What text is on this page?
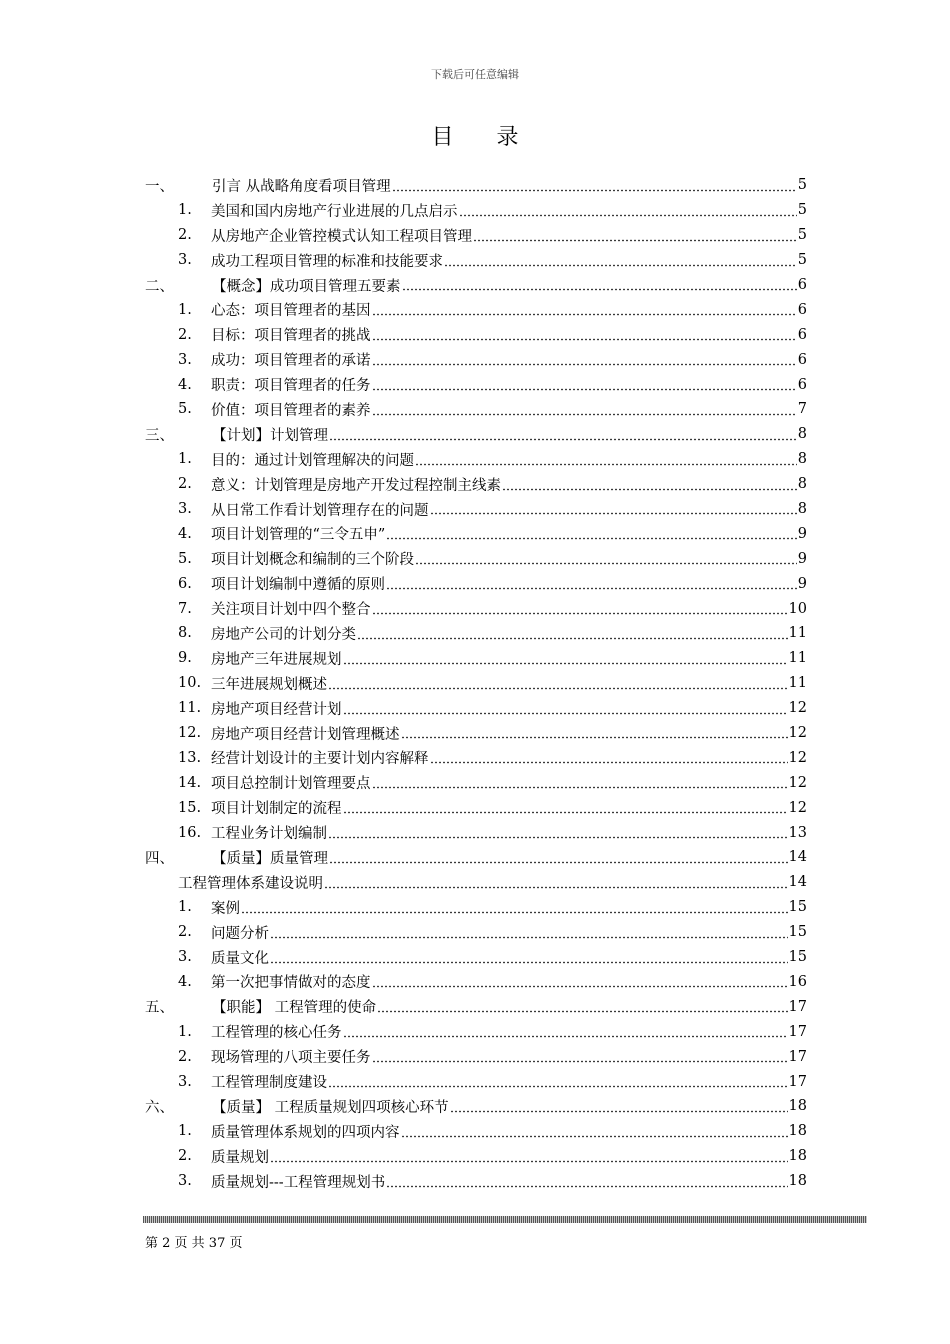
下载后可任意编辑
目 录
一、	引言 从战略角度看项目管理	5
1.	美国和国内房地产行业进展的几点启示	5
2.	从房地产企业管控模式认知工程项目管理	5
3.	成功工程项目管理的标准和技能要求	5
二、	【概念】成功项目管理五要素	6
1.	心态：项目管理者的基因	6
2.	目标：项目管理者的挑战	6
3.	成功：项目管理者的承诺	6
4.	职责：项目管理者的任务	6
5.	价值：项目管理者的素养	7
三、	【计划】计划管理	8
1.	目的：通过计划管理解决的问题	8
2.	意义：计划管理是房地产开发过程控制主线素	8
3.	从日常工作看计划管理存在的问题	8
4.	项目计划管理的“三令五申”	9
5.	项目计划概念和编制的三个阶段	9
6.	项目计划编制中遵循的原则	9
7.	关注项目计划中四个整合	10
8.	房地产公司的计划分类	11
9.	房地产三年进展规划	11
10. 三年进展规划概述	11
11. 房地产项目经营计划	12
12. 房地产项目经营计划管理概述	12
13. 经营计划设计的主要计划内容解释	12
14. 项目总控制计划管理要点	12
15. 项目计划制定的流程	12
16. 工程业务计划编制	13
四、	【质量】质量管理	14
工程管理体系建设说明	14
1.	案例	15
2.	问题分析	15
3.	质量文化	15
4.	第一次把事情做对的态度	16
五、	【职能】 工程管理的使命	17
1.	工程管理的核心任务	17
2.	现场管理的八项主要任务	17
3.	工程管理制度建设	17
六、	【质量】 工程质量规划四项核心环节	18
1.	质量管理体系规划的四项内容	18
2.	质量规划	18
3.	质量规划---工程管理规划书	18
第 2 页 共 37 页
